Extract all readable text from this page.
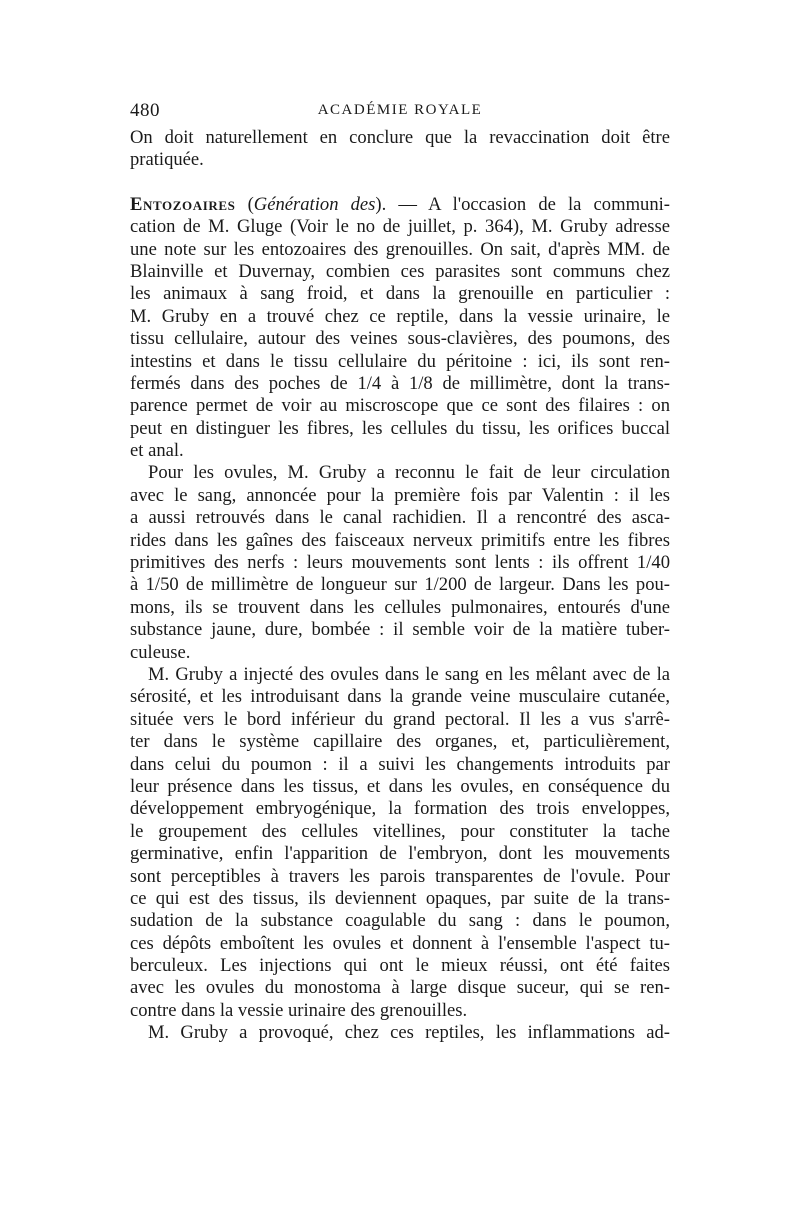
480	ACADÉMIE ROYALE
On doit naturellement en conclure que la revaccination doit être
pratiquée.
Entozoaires (Génération des). — A l'occasion de la communi-
cation de M. Gluge (Voir le no de juillet, p. 364), M. Gruby adresse
une note sur les entozoaires des grenouilles. On sait, d'après MM. de
Blainville et Duvernay, combien ces parasites sont communs chez
les animaux à sang froid, et dans la grenouille en particulier :
M. Gruby en a trouvé chez ce reptile, dans la vessie urinaire, le
tissu cellulaire, autour des veines sous-clavières, des poumons, des
intestins et dans le tissu cellulaire du péritoine : ici, ils sont ren-
fermés dans des poches de 1/4 à 1/8 de millimètre, dont la trans-
parence permet de voir au miscroscope que ce sont des filaires : on
peut en distinguer les fibres, les cellules du tissu, les orifices buccal
et anal.
Pour les ovules, M. Gruby a reconnu le fait de leur circulation
avec le sang, annoncée pour la première fois par Valentin : il les
a aussi retrouvés dans le canal rachidien. Il a rencontré des asca-
rides dans les gaînes des faisceaux nerveux primitifs entre les fibres
primitives des nerfs : leurs mouvements sont lents : ils offrent 1/40
à 1/50 de millimètre de longueur sur 1/200 de largeur. Dans les pou-
mons, ils se trouvent dans les cellules pulmonaires, entourés d'une
substance jaune, dure, bombée : il semble voir de la matière tuber-
culeuse.
M. Gruby a injecté des ovules dans le sang en les mêlant avec de la
sérosité, et les introduisant dans la grande veine musculaire cutanée,
située vers le bord inférieur du grand pectoral. Il les a vus s'arrê-
ter dans le système capillaire des organes, et, particulièrement,
dans celui du poumon : il a suivi les changements introduits par
leur présence dans les tissus, et dans les ovules, en conséquence du
développement embryogénique, la formation des trois enveloppes,
le groupement des cellules vitellines, pour constituter la tache
germinative, enfin l'apparition de l'embryon, dont les mouvements
sont perceptibles à travers les parois transparentes de l'ovule. Pour
ce qui est des tissus, ils deviennent opaques, par suite de la trans-
sudation de la substance coagulable du sang : dans le poumon,
ces dépôts emboîtent les ovules et donnent à l'ensemble l'aspect tu-
berculeux. Les injections qui ont le mieux réussi, ont été faites
avec les ovules du monostoma à large disque suceur, qui se ren-
contre dans la vessie urinaire des grenouilles.
M. Gruby a provoqué, chez ces reptiles, les inflammations ad-
